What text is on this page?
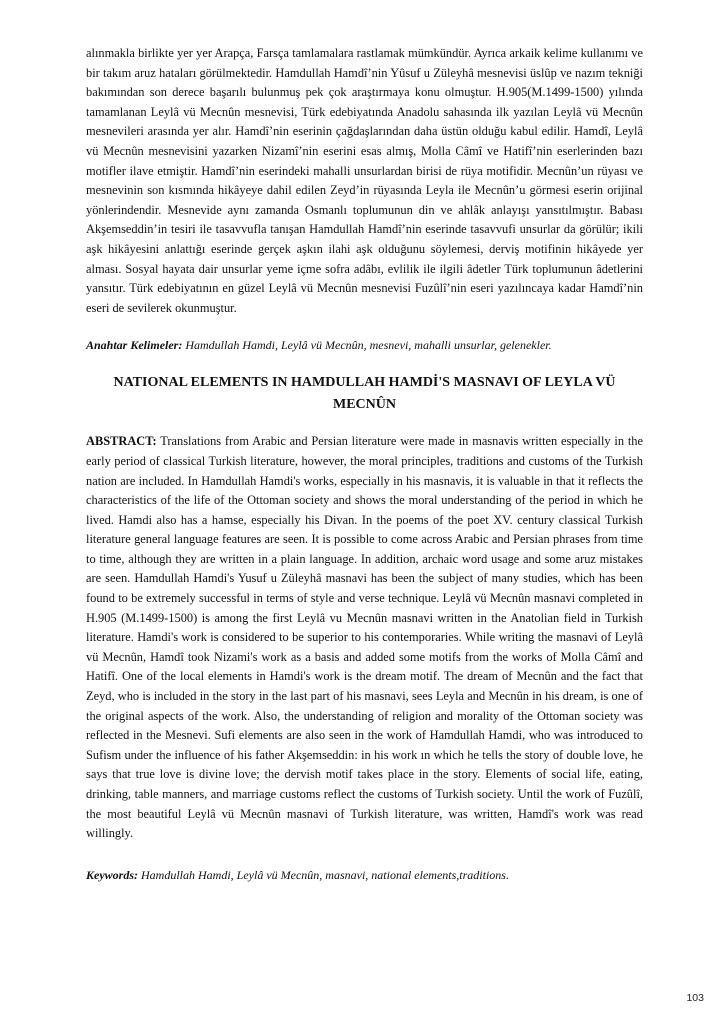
alınmakla birlikte yer yer Arapça, Farsça tamlamalara rastlamak mümkündür. Ayrıca arkaik kelime kullanımı ve bir takım aruz hataları görülmektedir. Hamdullah Hamdî’nin Yûsuf u Züleyhâ mesnevisi üslûp ve nazım tekniği bakımından son derece başarılı bulunmuş pek çok araştırmaya konu olmuştur. H.905(M.1499-1500) yılında tamamlanan Leylâ vü Mecnûn mesnevisi, Türk edebiyatında Anadolu sahasında ilk yazılan Leylâ vü Mecnûn mesnevileri arasında yer alır. Hamdî’nin eserinin çağdaşlarından daha üstün olduğu kabul edilir. Hamdî, Leylâ vü Mecnûn mesnevisini yazarken Nizamî’nin eserini esas almış, Molla Câmî ve Hatifî’nin eserlerinden bazı motifler ilave etmiştir. Hamdî’nin eserindeki mahalli unsurlardan birisi de rüya motifidir. Mecnûn’un rüyası ve mesnevinin son kısmında hikâyeye dahil edilen Zeyd’in rüyasında Leyla ile Mecnûn’u görmesi eserin orijinal yönlerindendir. Mesnevide aynı zamanda Osmanlı toplumunun din ve ahlâk anlayışı yansıtılmıştır. Babası Akşemseddin’in tesiri ile tasavvufla tanışan Hamdullah Hamdî’nin eserinde tasavvufi unsurlar da görülür; ikili aşk hikâyesini anlattığı eserinde gerçek aşkın ilahi aşk olduğunu söylemesi, derviş motifinin hikâyede yer alması. Sosyal hayata dair unsurlar yeme içme sofra adâbı, evlilik ile ilgili âdetler Türk toplumunun âdetlerini yansıtır. Türk edebiyatının en güzel Leylâ vü Mecnûn mesnevisi Fuzûlî’nin eseri yazılıncaya kadar Hamdî’nin eseri de sevilerek okunmuştur.

Anahtar Kelimeler: Hamdullah Hamdi, Leylâ vü Mecnûn, mesnevi, mahalli unsurlar, gelenekler.

NATIONAL ELEMENTS IN HAMDULLAH HAMDİ'S MASNAVI OF LEYLA VÜ
MECNÛN

ABSTRACT: Translations from Arabic and Persian literature were made in masnavis written especially in the early period of classical Turkish literature, however, the moral principles, traditions and customs of the Turkish nation are included. In Hamdullah Hamdi's works, especially in his masnavis, it is valuable in that it reflects the characteristics of the life of the Ottoman society and shows the moral understanding of the period in which he lived. Hamdi also has a hamse, especially his Divan. In the poems of the poet XV. century classical Turkish literature general language features are seen. It is possible to come across Arabic and Persian phrases from time to time, although they are written in a plain language. In addition, archaic word usage and some aruz mistakes are seen. Hamdullah Hamdi's Yusuf u Züleyhâ masnavi has been the subject of many studies, which has been found to be extremely successful in terms of style and verse technique. Leylâ vü Mecnûn masnavi completed in H.905 (M.1499-1500) is among the first Leylâ vu Mecnûn masnavi written in the Anatolian field in Turkish literature. Hamdi's work is considered to be superior to his contemporaries. While writing the masnavi of Leylâ vü Mecnûn, Hamdî took Nizami's work as a basis and added some motifs from the works of Molla Câmî and Hatifî. One of the local elements in Hamdi's work is the dream motif. The dream of Mecnûn and the fact that Zeyd, who is included in the story in the last part of his masnavi, sees Leyla and Mecnûn in his dream, is one of the original aspects of the work. Also, the understanding of religion and morality of the Ottoman society was reflected in the Mesnevi. Sufi elements are also seen in the work of Hamdullah Hamdi, who was introduced to Sufism under the influence of his father Akşemseddin: in his work ın which he tells the story of double love, he says that true love is divine love; the dervish motif takes place in the story. Elements of social life, eating, drinking, table manners, and marriage customs reflect the customs of Turkish society. Until the work of Fuzûlî, the most beautiful Leylâ vü Mecnûn masnavi of Turkish literature, was written, Hamdî's work was read willingly.

Keywords: Hamdullah Hamdi, Leylâ vü Mecnûn, masnavi, national elements,traditions.

103
